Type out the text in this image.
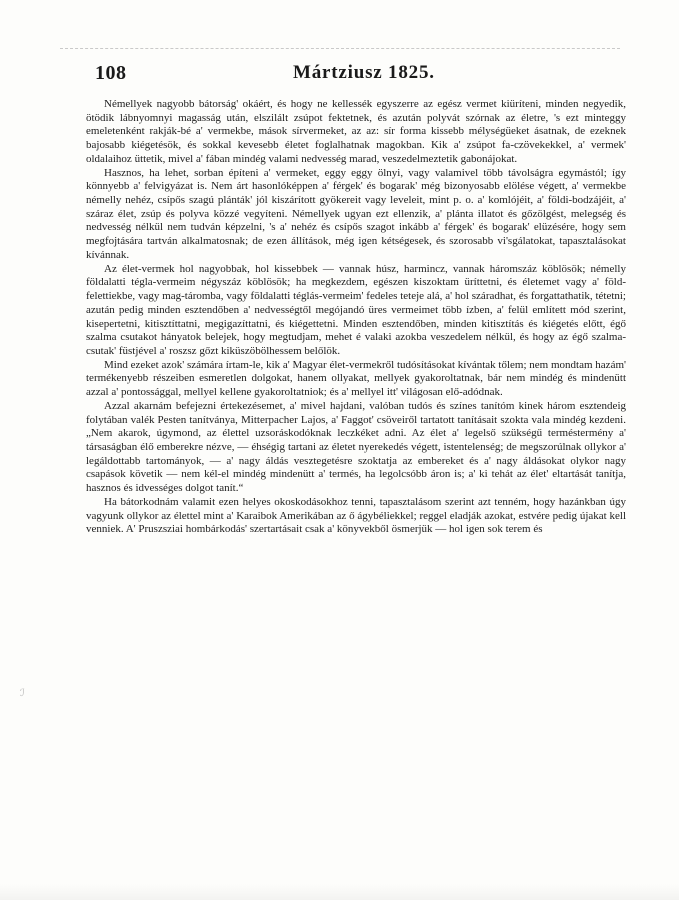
108	Mártziusz 1825.

Némellyek nagyobb bátorság' okáért, és hogy ne kellessék egyszerre az egész vermet kiüríteni, minden negyedik, ötödik lábnyomnyi magasság után, elszilált zsúpot fektetnek, és azután polyvát szórnak az életre, 's ezt minteggy emeletenként rakják-bé a' vermekbe, mások sírvermeket, az az: sír forma kissebb mélységüeket ásatnak, de ezeknek bajosabb kiégetésök, és sokkal kevesebb életet foglalhatnak magokban. Kik a' zsúpot fa-czövekekkel, a' vermek' oldalaihoz üttetik, mivel a' fában mindég valami nedvesség marad, veszedelmeztetik gabonájokat.

Hasznos, ha lehet, sorban építeni a' vermeket, eggy eggy ölnyi, vagy valamivel több távolságra egymástól; így könnyebb a' felvigyázat is. Nem árt hasonlóképpen a' férgek' és bogarak' még bizonyosabb elölése végett, a' vermekbe némelly nehéz, csípős szagú plánták' jól kiszárított gyökereit vagy leveleit, mint p. o. a' komlójéit, a' földi-bodzájéit, a' száraz élet, zsúp és polyva közzé vegyíteni. Némellyek ugyan ezt ellenzik, a' plánta illatot és gőzölgést, melegség és nedvesség nélkül nem tudván képzelni, 's a' nehéz és csípős szagot inkább a' férgek' és bogarak' elüzésére, hogy sem megfojtására tartván alkalmatosnak; de ezen állítások, még igen kétségesek, és szorosabb vi'sgálatokat, tapasztalásokat kívánnak.

Az élet-vermek hol nagyobbak, hol kissebbek — vannak húsz, harmincz, vannak háromszáz köblösök; némelly földalatti tégla-vermeim négyszáz köblösök; ha megkezdem, egészen kiszoktam üríttetni, és életemet vagy a' föld-felettiekbe, vagy mag-tárombа, vagy földalatti téglás-vermeim' fedeles teteje alá, a' hol száradhat, és forgattathatik, tétetni; azután pedig minden esztendőben a' nedvességtől megójandó üres vermeimet több ízben, a' felül említett mód szerint, kisepertetni, kitisztíttatni, megigazíttatni, és kiégettetni. Minden esztendőben, minden kitisztítás és kiégetés előtt, égő szalma csutakot hányatok belejek, hogy megtudjam, mehet é valaki azokba veszedelem nélkül, és hogy az égő szalma-csutak' füstjével a' roszsz gőzt kiküszöbölhessem belőlök.

Mind ezeket azok' számára írtam-le, kik a' Magyar élet-vermekről tudósításokat kívántak tőlem; nem mondtam hazám' termékenyebb részeiben esmeretlen dolgokat, hanem ollyakat, mellyek gyakoroltatnak, bár nem mindég és mindenütt azzal a' pontossággal, mellyel kellene gyakoroltatniok; és a' mellyel itt' világosan elő-adódnak.

Azzal akarnám befejezni értekezésemet, a' mivel hajdani, valóban tudós és színes tanítóm kinek három esztendeig folytában valék Pesten tanítványa, Mitterpacher Lajos, a' Faggot' csöveiről tartatott tanításait szokta vala mindég kezdeni. „Nem akarok, úgymond, az élettel uzsoráskodóknak leczkéket adni. Az élet a' legelső szükségű terméstermény a' társaságban élő emberekre nézve, — éhségig tartani az életet nyerekedés végett, istentelenség; de megszorúlnak ollykor a' legáldottabb tartományok, — a' nagy áldás vesztegetésre szoktatja az embereket és a' nagy áldásokat olykor nagy csapások követik — nem kél-el mindég mindenütt a' termés, ha legolcsóbb áron is; a' ki tehát az élet' eltartását tanítja, hasznos és idvességes dolgot tanít.“

Ha bátorkodnám valamit ezen helyes okoskodásokhoz tenni, tapasztalásom szerint azt tenném, hogy hazánkban úgy vagyunk ollykor az élettel mint a' Karaibok Amerikában az ő ágybéliekkel; reggel eladják azokat, estvére pedig újakat kell venniek. A' Pruszsziai hombárkodás' szertartásait csak a' könyvekből ösmerjük — hol igen sok terem és

ℐ
